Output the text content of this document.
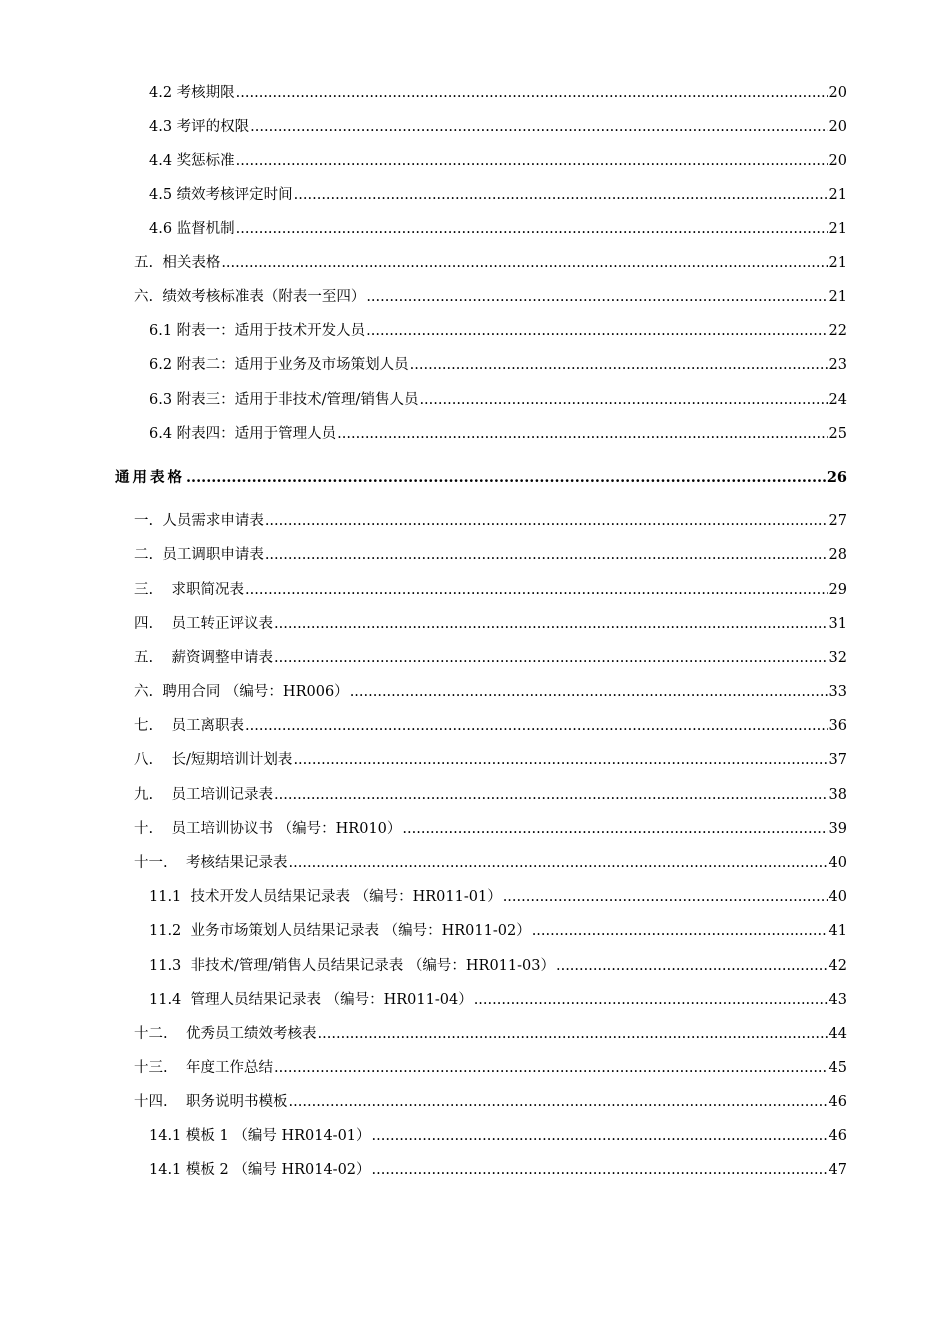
4.2 考核期限 .....	20
4.3 考评的权限 .....	20
4.4 奖惩标准 .....	20
4.5 绩效考核评定时间 .....	21
4.6 监督机制 .....	21
五.  相关表格 .....	21
六.  绩效考核标准表（附表一至四） .....	21
6.1 附表一：适用于技术开发人员 .....	22
6.2 附表二：适用于业务及市场策划人员 .....	23
6.3 附表三：适用于非技术/管理/销售人员 .....	24
6.4 附表四：适用于管理人员 .....	25
通用表格 .....	26
一.  人员需求申请表 .....	27
二.  员工调职申请表 .....	28
三.    求职简况表 .....	29
四.    员工转正评议表 .....	31
五.    薪资调整申请表 .....	32
六.  聘用合同 （编号：HR006） .....	33
七.    员工离职表 .....	36
八.    长/短期培训计划表 .....	37
九.    员工培训记录表 .....	38
十.    员工培训协议书 （编号：HR010） .....	39
十一.    考核结果记录表 .....	40
11.1  技术开发人员结果记录表 （编号：HR011-01） .....	40
11.2  业务市场策划人员结果记录表 （编号：HR011-02） .....	41
11.3  非技术/管理/销售人员结果记录表 （编号：HR011-03） .....	42
11.4  管理人员结果记录表 （编号：HR011-04） .....	43
十二.    优秀员工绩效考核表 .....	44
十三.    年度工作总结 .....	45
十四.    职务说明书模板 .....	46
14.1 模板 1 （编号 HR014-01） .....	46
14.1 模板 2 （编号 HR014-02） .....	47
